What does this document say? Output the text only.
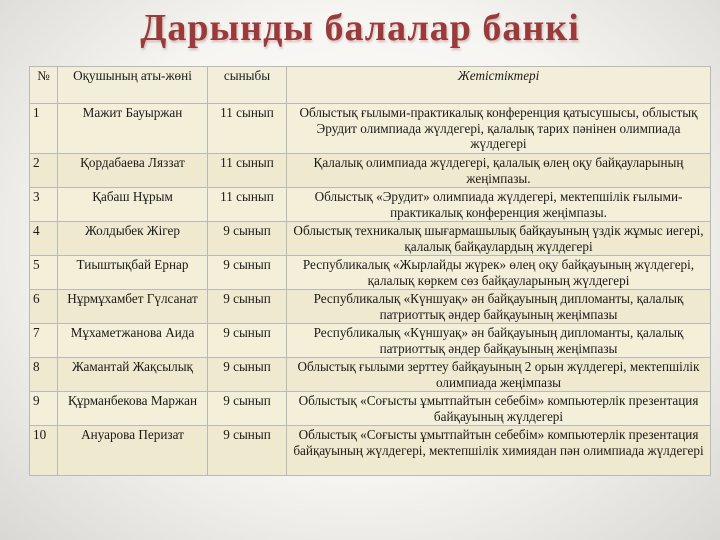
Дарынды балалар банкі
№	Оқушының аты-жөні	сыныбы	Жетістіктері
1	Мажит Бауыржан	11 сынып	Облыстық ғылыми-практикалық конференция қатысушысы, облыстық Эрудит олимпиада жүлдегері, қалалық тарих пәнінен олимпиада жүлдегері
2	Қордабаева Ляззат	11 сынып	Қалалық олимпиада жүлдегері, қалалық өлең оқу байқауларының жеңімпазы.
3	Қабаш Нұрым	11 сынып	Облыстық «Эрудит» олимпиада жүлдегері, мектепшілік ғылыми-практикалық конференция жеңімпазы.
4	Жолдыбек Жігер	9 сынып	Облыстық техникалық шығармашылық байқауының үздік жұмыс иегері, қалалық байқаулардың жүлдегері
5	Тиыштықбай Ернар	9 сынып	Республикалық «Жырлайды жүрек» өлең оқу байқауының жүлдегері, қалалық көркем сөз байқауларының жүлдегері
6	Нұрмұхамбет Гүлсанат	9 сынып	Республикалық «Күншуақ» ән байқауының дипломанты, қалалық патриоттық әндер байқауының жеңімпазы
7	Мұхаметжанова Аида	9 сынып	Республикалық «Күншуақ» ән байқауының дипломанты, қалалық патриоттық әндер байқауының жеңімпазы
8	Жамантай Жақсылық	9 сынып	Облыстық ғылыми зерттеу байқауының 2 орын жүлдегері, мектепшілік олимпиада жеңімпазы
9	Құрманбекова Маржан	9 сынып	Облыстық «Соғысты ұмытпайтын себебім» компьютерлік презентация байқауының жүлдегері
10	Ануарова Перизат	9 сынып	Облыстық «Соғысты ұмытпайтын себебім» компьютерлік презентация байқауының жүлдегері, мектепшілік химиядан пән олимпиада жүлдегері
